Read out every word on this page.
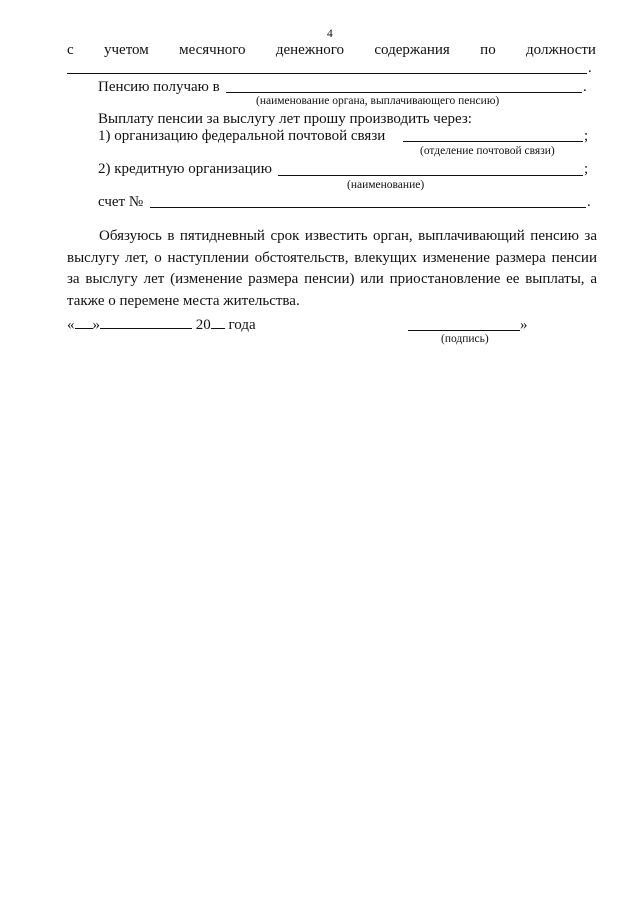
4
с учетом месячного денежного содержания по должности
.
Пенсию получаю в	.
(наименование органа, выплачивающего пенсию)
Выплату пенсии за выслугу лет прошу производить через:
1) организацию федеральной почтовой связи	;
(отделение почтовой связи)
2) кредитную организацию	;
(наименование)
счет №	.
Обязуюсь в пятидневный срок известить орган, выплачивающий пенсию за выслугу лет, о наступлении обстоятельств, влекущих изменение размера пенсии за выслугу лет (изменение размера пенсии) или приостановление ее выплаты, а также о перемене места жительства.
« »	20 года	»
(подпись)
